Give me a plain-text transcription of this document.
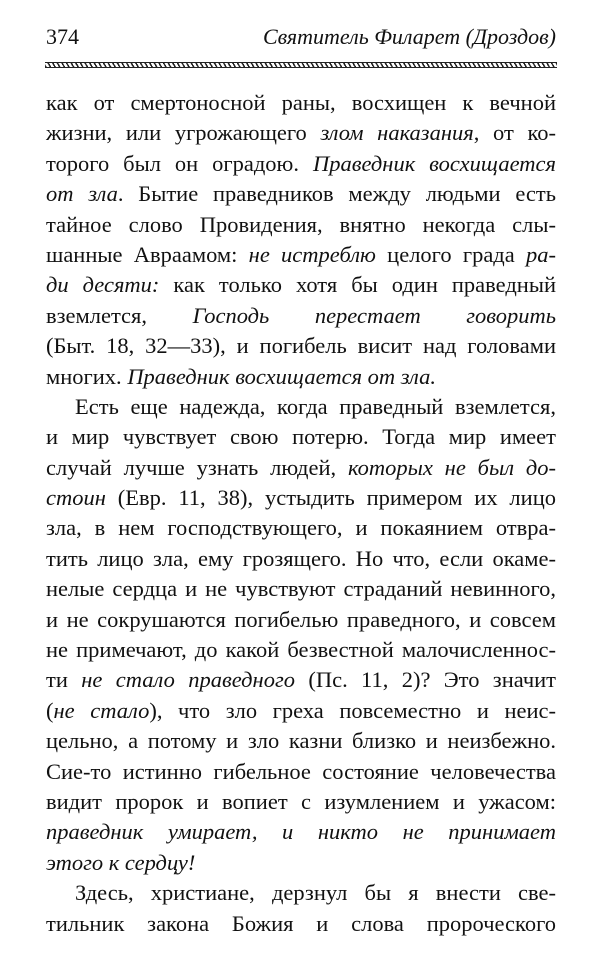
374	Святитель Филарет (Дроздов)
как от смертоносной раны, восхищен к вечной
жизни, или угрожающего злом наказания, от ко-
торого был он оградою. Праведник восхищается
от зла. Бытие праведников между людьми есть
тайное слово Провидения, внятно некогда слы-
шанные Авраамом: не истреблю целого града ра-
ди десяти: как только хотя бы один праведный
вземлется, Господь перестает говорить
(Быт. 18, 32—33), и погибель висит над головами
многих. Праведник восхищается от зла.
Есть еще надежда, когда праведный вземлется,
и мир чувствует свою потерю. Тогда мир имеет
случай лучше узнать людей, которых не был до-
стоин (Евр. 11, 38), устыдить примером их лицо
зла, в нем господствующего, и покаянием отвра-
тить лицо зла, ему грозящего. Но что, если окаме-
нелые сердца и не чувствуют страданий невинного,
и не сокрушаются погибелью праведного, и совсем
не примечают, до какой безвестной малочисленнос-
ти не стало праведного (Пс. 11, 2)? Это значит
(не стало), что зло греха повсеместно и неис-
цельно, а потому и зло казни близко и неизбежно.
Сие-то истинно гибельное состояние человечества
видит пророк и вопиет с изумлением и ужасом:
праведник умирает, и никто не принимает
этого к сердцу!
Здесь, христиане, дерзнул бы я внести све-
тильник закона Божия и слова пророческого
